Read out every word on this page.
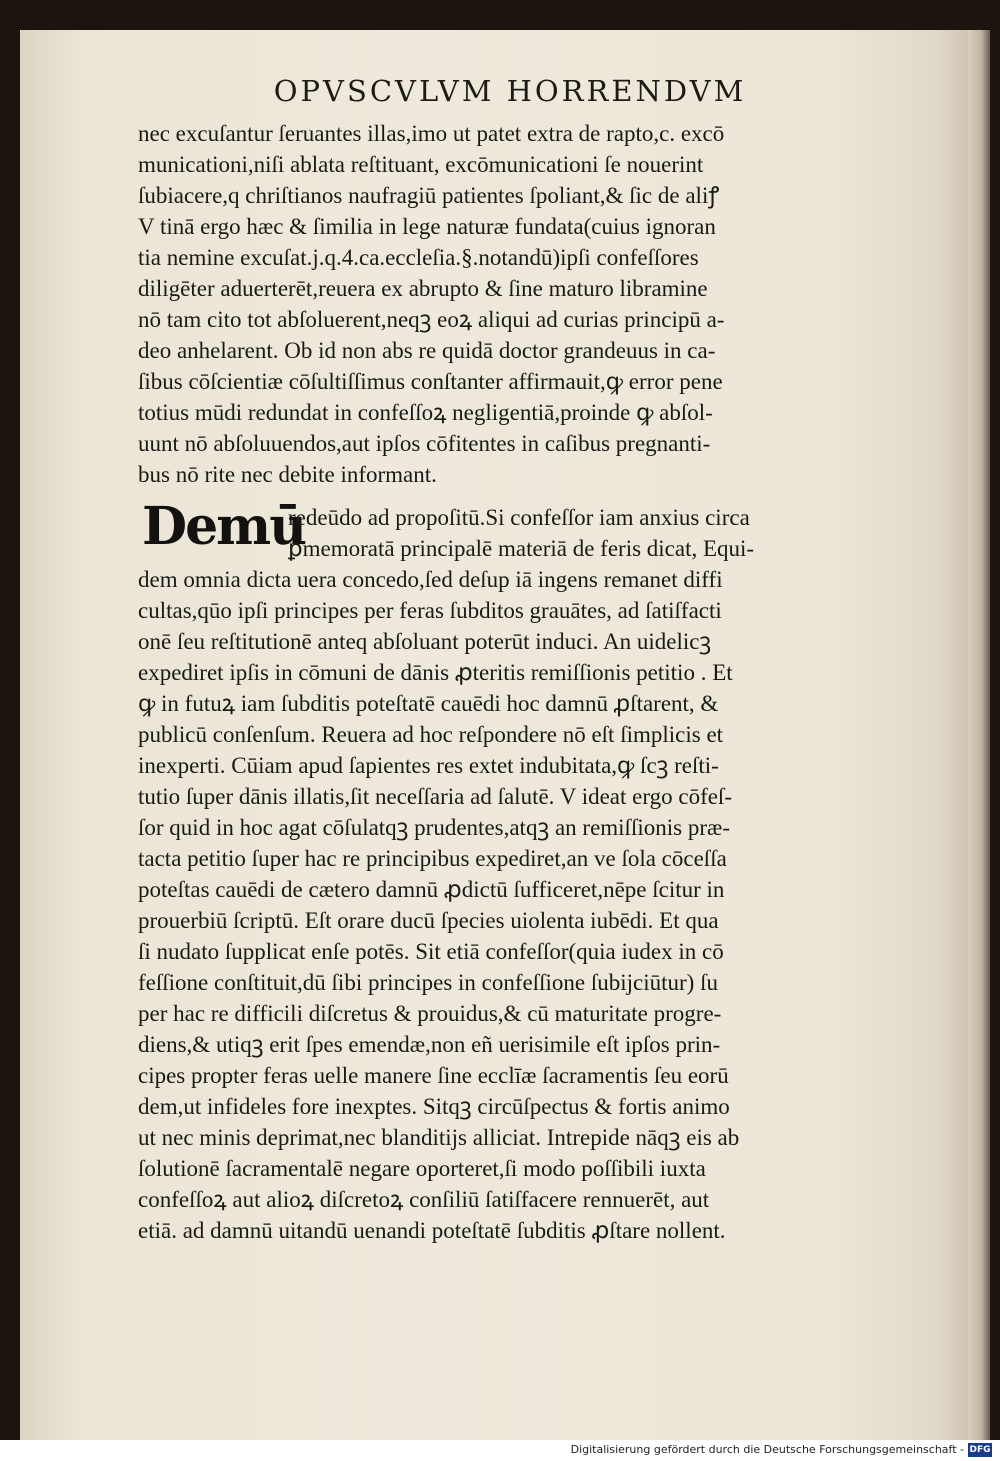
OPVSCVLVM HORRENDVM
Demū
nec excuſantur ſeruantes illas,imo ut patet extra de rapto,c. excō
municationi,niſi ablata reſtituant, excōmunicationi ſe nouerint
ſubiacere,q chriſtianos naufragiū patientes ſpoliant,& ſic de aliꝭ
V tinā ergo hæc & ſimilia in lege naturæ fundata(cuius ignoran
tia nemine excuſat.j.q.4.ca.eccleſia.§.notandū)ipſi confeſſores
diligēter aduerterēt,reuera ex abrupto & ſine maturo libramine
nō tam cito tot abſoluerent,neqꝫ eoꝝ aliqui ad curias principū a-
deo anhelarent. Ob id non abs re quidā doctor grandeuus in ca-
ſibus cōſcientiæ cōſultiſſimus conſtanter affirmauit,ꝙ error pene
totius mūdi redundat in confeſſoꝝ negligentiā,proinde ꝙ abſol-
uunt nō abſoluuendos,aut ipſos cōfitentes in caſibus pregnanti-
bus nō rite nec debite informant.
redeūdo ad propoſitū.Si confeſſor iam anxius circa
ꝑmemoratā principalē materiā de feris dicat, Equi-
dem omnia dicta uera concedo,ſed deſup iā ingens remanet diffi
cultas,qūo ipſi principes per feras ſubditos grauātes, ad ſatiſfacti
onē ſeu reſtitutionē anteq abſoluant poterūt induci. An uidelicꝫ
expediret ipſis in cōmuni de dānis ꝓteritis remiſſionis petitio . Et
ꝙ in futuꝝ iam ſubditis poteſtatē cauēdi hoc damnū ꝓſtarent, &
publicū conſenſum. Reuera ad hoc reſpondere nō eſt ſimplicis et
inexperti. Cūiam apud ſapientes res extet indubitata,ꝙ ſcꝫ reſti-
tutio ſuper dānis illatis,ſit neceſſaria ad ſalutē. V ideat ergo cōfeſ-
ſor quid in hoc agat cōſulatqꝫ prudentes,atqꝫ an remiſſionis præ-
tacta petitio ſuper hac re principibus expediret,an ve ſola cōceſſa
poteſtas cauēdi de cætero damnū ꝓdictū ſufficeret,nēpe ſcitur in
prouerbiū ſcriptū. Eſt orare ducū ſpecies uiolenta iubēdi. Et qua
ſi nudato ſupplicat enſe potēs. Sit etiā confeſſor(quia iudex in cō
feſſione conſtituit,dū ſibi principes in confeſſione ſubijciūtur) ſu
per hac re difficili diſcretus & prouidus,& cū maturitate progre-
diens,& utiqꝫ erit ſpes emendæ,non eñ uerisimile eſt ipſos prin-
cipes propter feras uelle manere ſine ecclīæ ſacramentis ſeu eorū
dem,ut infideles fore inexptes. Sitqꝫ circūſpectus & fortis animo
ut nec minis deprimat,nec blanditijs alliciat. Intrepide nāqꝫ eis ab
ſolutionē ſacramentalē negare oporteret,ſi modo poſſibili iuxta
confeſſoꝝ aut alioꝝ diſcretoꝝ conſiliū ſatiſfacere rennuerēt, aut
etiā. ad damnū uitandū uenandi poteſtatē ſubditis ꝓſtare nollent.
Digitalisierung gefördert durch die Deutsche Forschungsgemeinschaft - DFG
